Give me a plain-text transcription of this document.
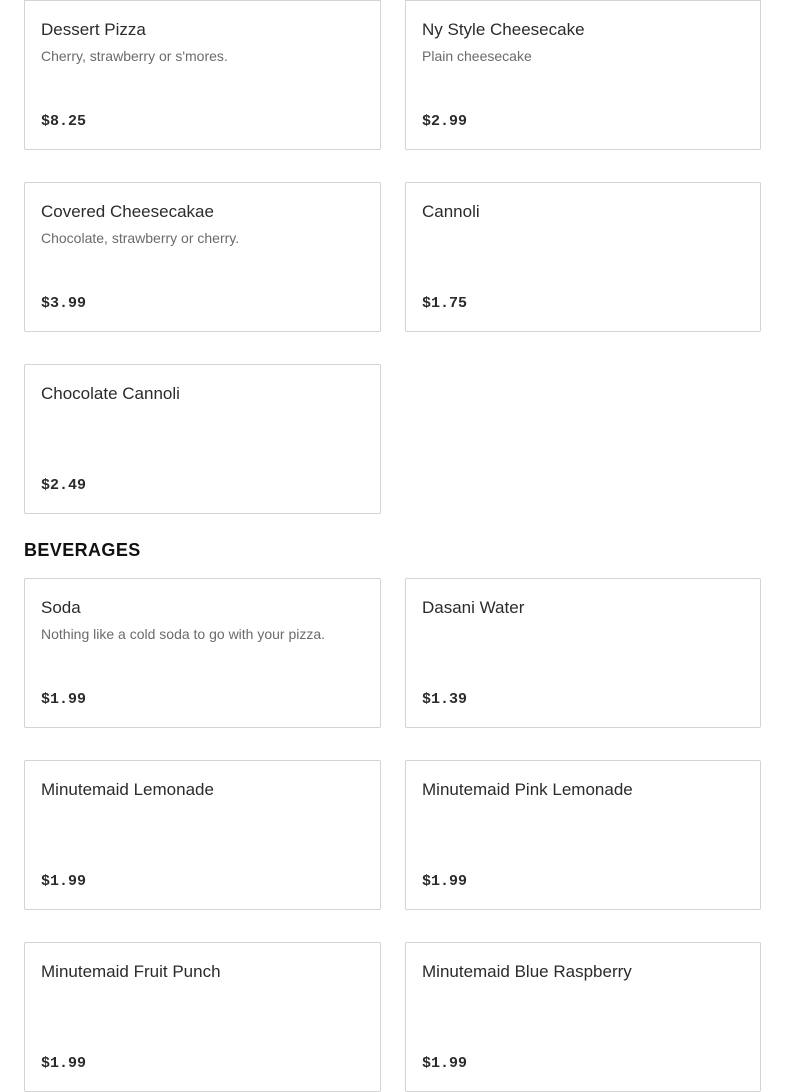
Dessert Pizza
Cherry, strawberry or s'mores.
$8.25
Ny Style Cheesecake
Plain cheesecake
$2.99
Covered Cheesecakae
Chocolate, strawberry or cherry.
$3.99
Cannoli
$1.75
Chocolate Cannoli
$2.49
BEVERAGES
Soda
Nothing like a cold soda to go with your pizza.
$1.99
Dasani Water
$1.39
Minutemaid Lemonade
$1.99
Minutemaid Pink Lemonade
$1.99
Minutemaid Fruit Punch
$1.99
Minutemaid Blue Raspberry
$1.99
